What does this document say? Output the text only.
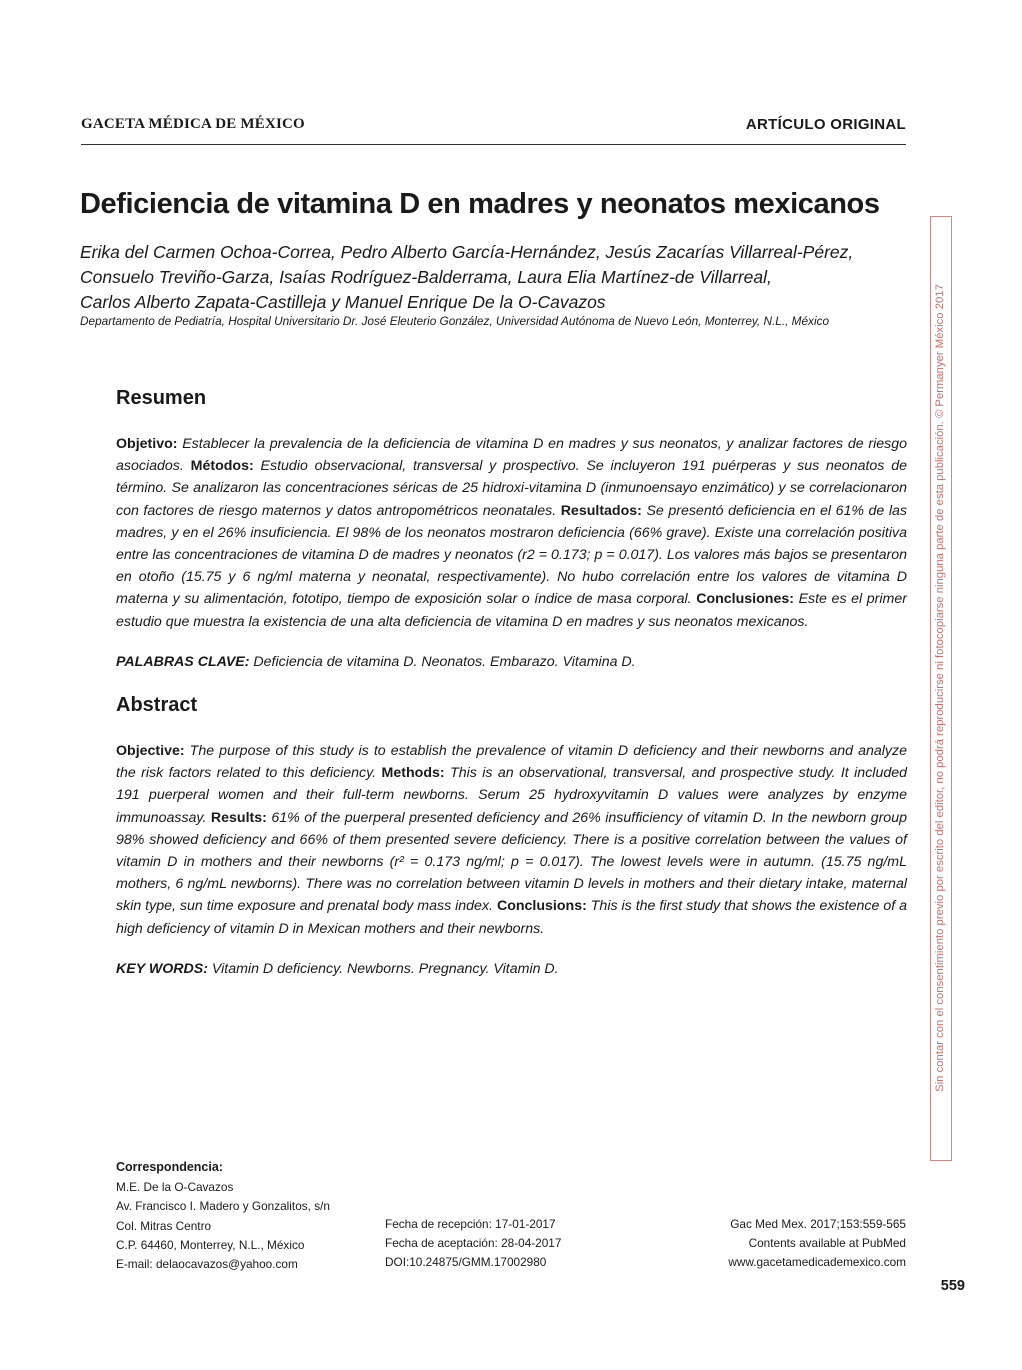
GACETA MÉDICA DE MÉXICO	ARTÍCULO ORIGINAL
Deficiencia de vitamina D en madres y neonatos mexicanos
Erika del Carmen Ochoa-Correa, Pedro Alberto García-Hernández, Jesús Zacarías Villarreal-Pérez,
Consuelo Treviño-Garza, Isaías Rodríguez-Balderrama, Laura Elia Martínez-de Villarreal,
Carlos Alberto Zapata-Castilleja y Manuel Enrique De la O-Cavazos
Departamento de Pediatría, Hospital Universitario Dr. José Eleuterio González, Universidad Autónoma de Nuevo León, Monterrey, N.L., México
Resumen

Objetivo: Establecer la prevalencia de la deficiencia de vitamina D en madres y sus neonatos, y analizar factores de riesgo asociados. Métodos: Estudio observacional, transversal y prospectivo. Se incluyeron 191 puérperas y sus neonatos de término. Se analizaron las concentraciones séricas de 25 hidroxi-vitamina D (inmunoensayo enzimático) y se correlacionaron con factores de riesgo maternos y datos antropométricos neonatales. Resultados: Se presentó deficiencia en el 61% de las madres, y en el 26% insuficiencia. El 98% de los neonatos mostraron deficiencia (66% grave). Existe una correlación positiva entre las concentraciones de vitamina D de madres y neonatos (r2 = 0.173; p = 0.017). Los valores más bajos se presentaron en otoño (15.75 y 6 ng/ml materna y neonatal, respectivamente). No hubo correlación entre los valores de vitamina D materna y su alimentación, fototipo, tiempo de exposición solar o índice de masa corporal. Conclusiones: Este es el primer estudio que muestra la existencia de una alta deficiencia de vitamina D en madres y sus neonatos mexicanos.

PALABRAS CLAVE: Deficiencia de vitamina D. Neonatos. Embarazo. Vitamina D.

Abstract

Objective: The purpose of this study is to establish the prevalence of vitamin D deficiency and their newborns and analyze the risk factors related to this deficiency. Methods: This is an observational, transversal, and prospective study. It included 191 puerperal women and their full-term newborns. Serum 25 hydroxyvitamin D values were analyzes by enzyme immunoassay. Results: 61% of the puerperal presented deficiency and 26% insufficiency of vitamin D. In the newborn group 98% showed deficiency and 66% of them presented severe deficiency. There is a positive correlation between the values of vitamin D in mothers and their newborns (r² = 0.173 ng/ml; p = 0.017). The lowest levels were in autumn. (15.75 ng/mL mothers, 6 ng/mL newborns). There was no correlation between vitamin D levels in mothers and their dietary intake, maternal skin type, sun time exposure and prenatal body mass index. Conclusions: This is the first study that shows the existence of a high deficiency of vitamin D in Mexican mothers and their newborns.

KEY WORDS: Vitamin D deficiency. Newborns. Pregnancy. Vitamin D.	Sin contar con el consentimiento previo por escrito del editor, no podrá reproducirse ni fotocopiarse ninguna parte de esta publicación. © Permanyer México 2017
Correspondencia:
M.E. De la O-Cavazos
Av. Francisco I. Madero y Gonzalitos, s/n
Col. Mitras Centro
C.P. 64460, Monterrey, N.L., México
E-mail: delaocavazos@yahoo.com
Fecha de recepción: 17-01-2017
Fecha de aceptación: 28-04-2017
DOI:10.24875/GMM.17002980
Gac Med Mex. 2017;153:559-565
Contents available at PubMed
www.gacetamedicademexico.com
559
